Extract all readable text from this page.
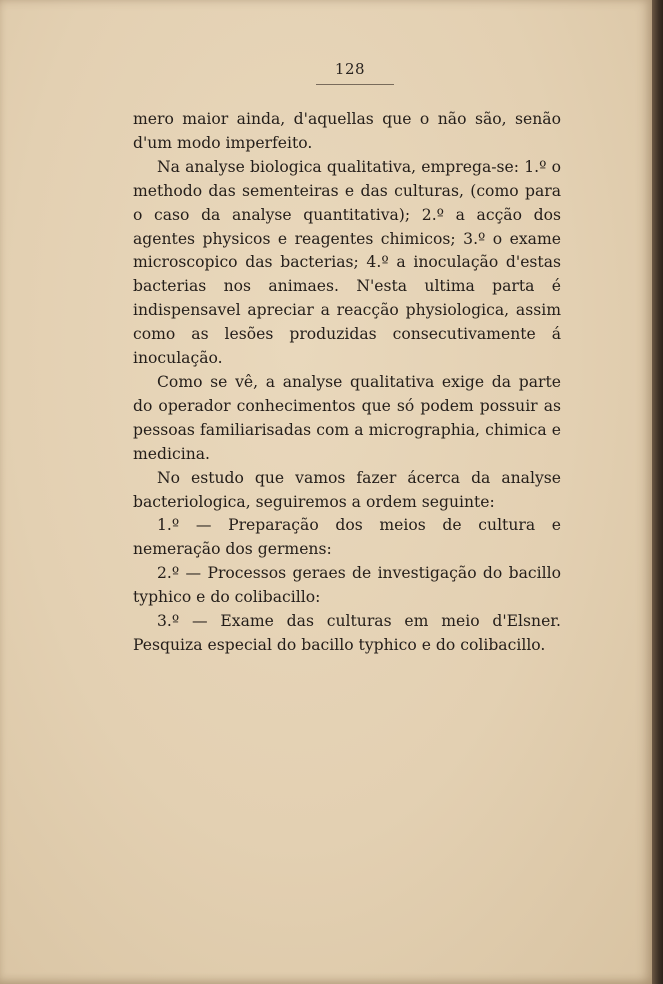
128

mero maior ainda, d'aquellas que o não são, senão d'um modo imperfeito.

Na analyse biologica qualitativa, emprega-se: 1.º o methodo das sementeiras e das culturas, (como para o caso da analyse quantitativa); 2.º a acção dos agentes physicos e reagentes chimicos; 3.º o exame microscopico das bacterias; 4.º a inoculação d'estas bacterias nos animaes. N'esta ultima parta é indispensavel apreciar a reacção physiologica, assim como as lesões produzidas consecutivamente á inoculação.

Como se vê, a analyse qualitativa exige da parte do operador conhecimentos que só podem possuir as pessoas familiarisadas com a micrographia, chimica e medicina.

No estudo que vamos fazer ácerca da analyse bacteriologica, seguiremos a ordem seguinte:

1.º — Preparação dos meios de cultura e nemeração dos germens:

2.º — Processos geraes de investigação do bacillo typhico e do colibacillo:

3.º — Exame das culturas em meio d'Elsner. Pesquiza especial do bacillo typhico e do colibacillo.
